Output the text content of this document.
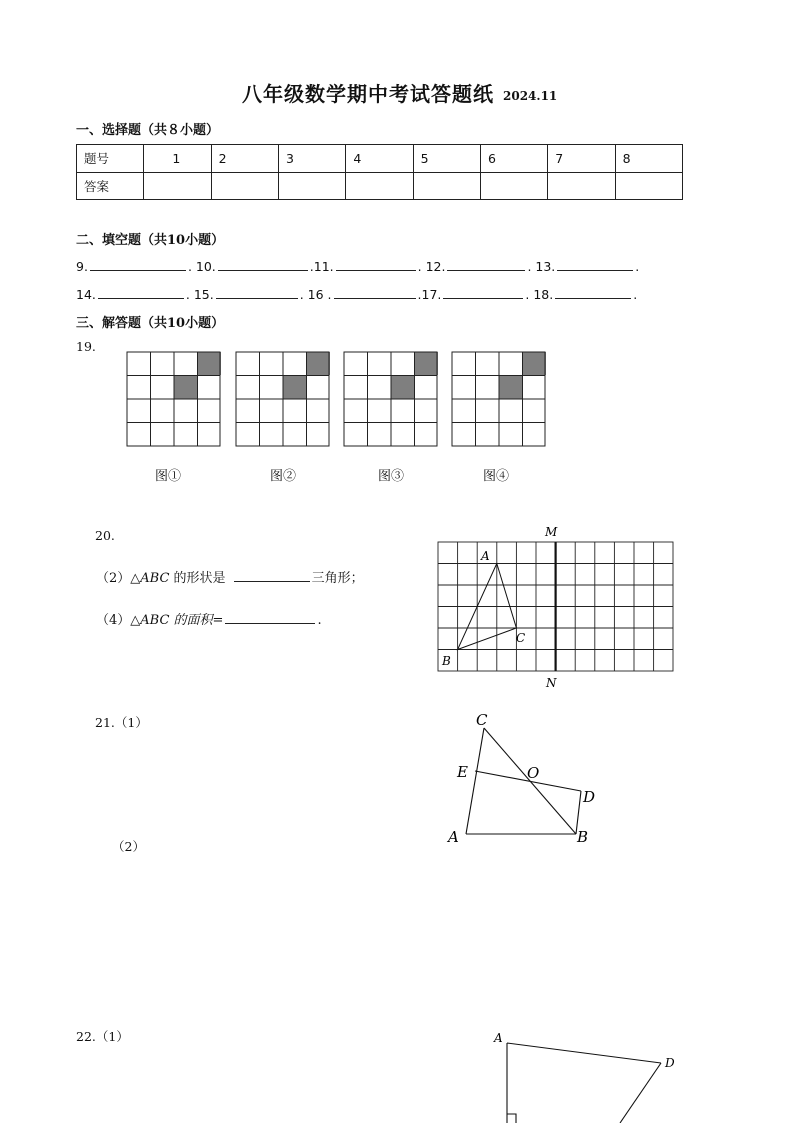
八年级数学期中考试答题纸 2024.11
一、选择题（共８小题）
题号	1	2	3	4	5	6	7	8
答案								
二、填空题（共10小题）
9.	. 10.	.11.	. 12.	. 13.	.
14.	. 15.	. 16 .	.17.	. 18.	.
三、解答题（共10小题）
19.
图①	图②	图③	图④
20.
（2）△ABC 的形状是	三角形；
（4）△ABC 的面积=	.
A
B
C
M
N
21.（1）
（2）
C
E	O
D
A	B
22.（1）	A
D
